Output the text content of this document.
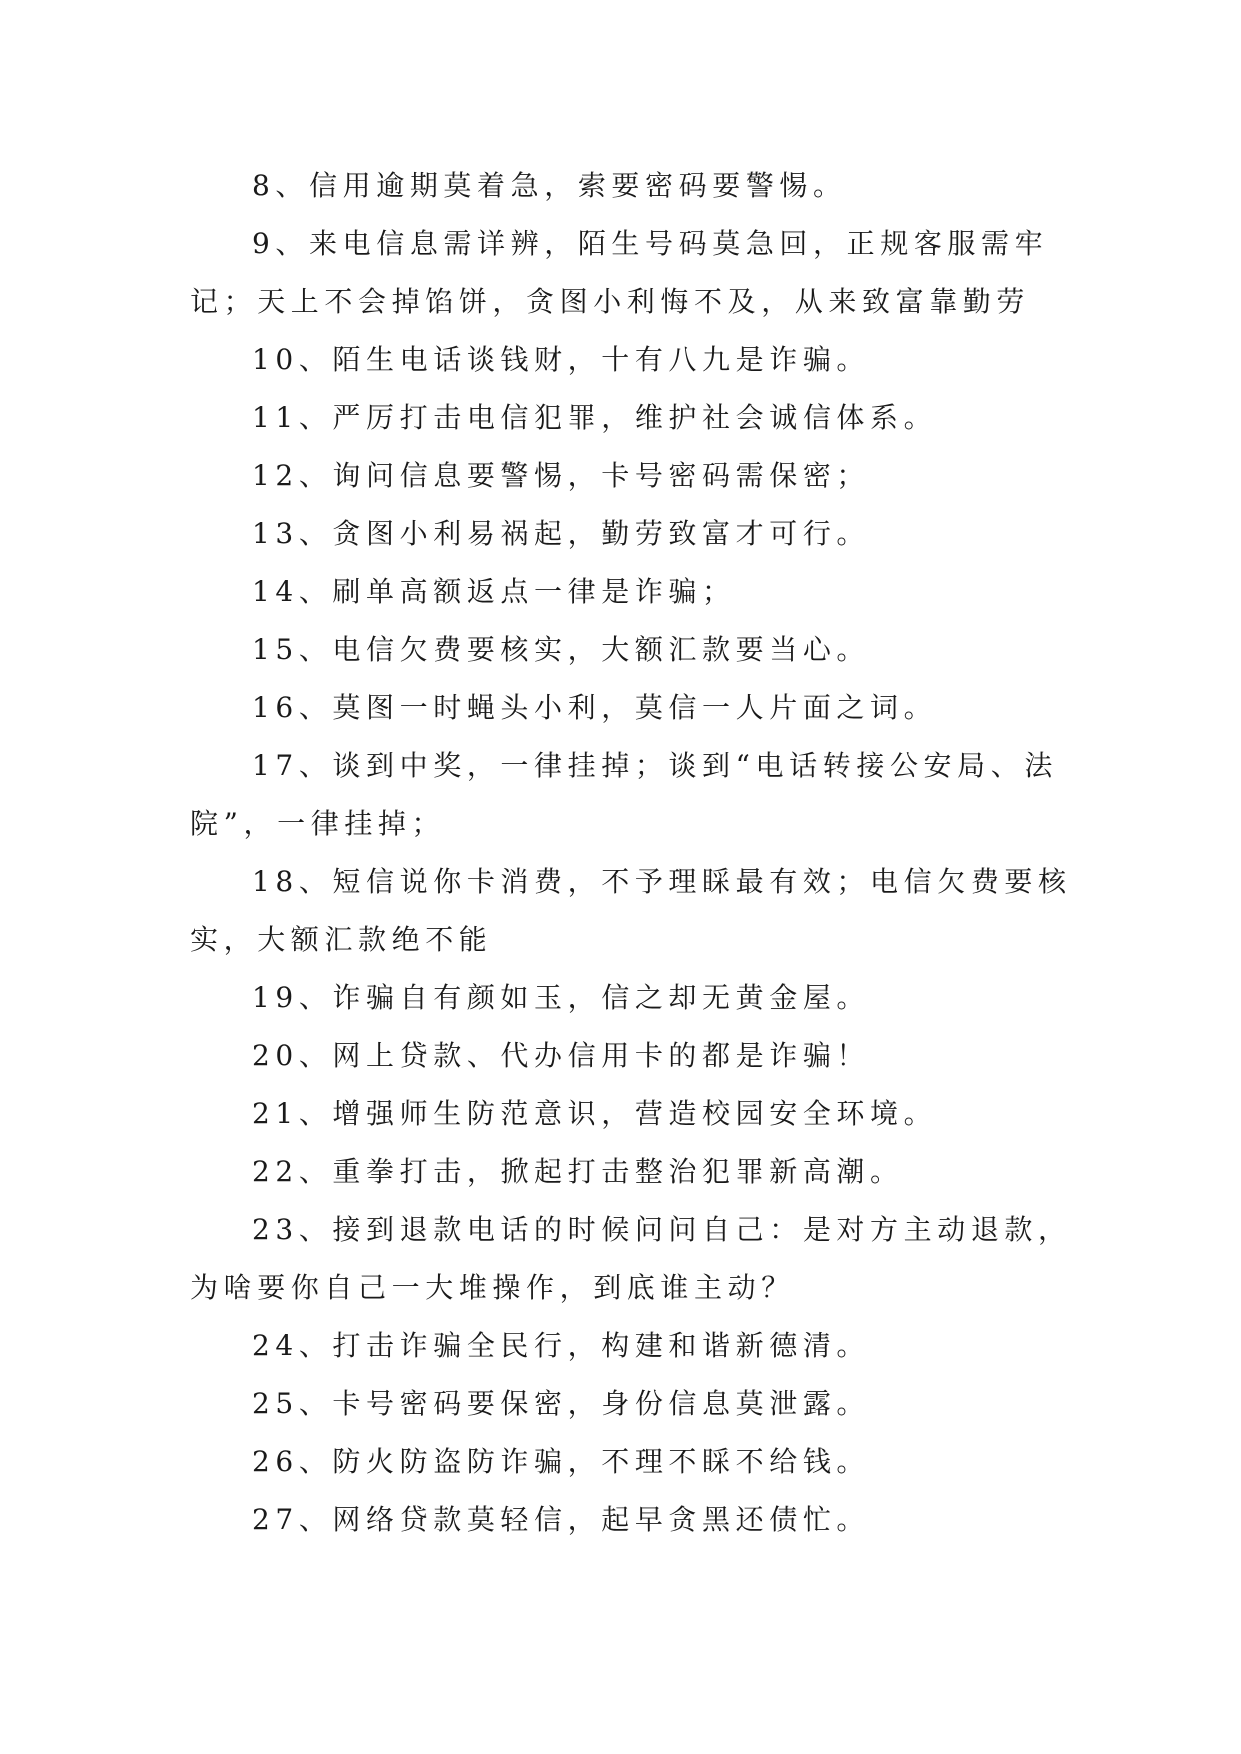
8、信用逾期莫着急，索要密码要警惕。

9、来电信息需详辨，陌生号码莫急回，正规客服需牢
记；天上不会掉馅饼，贪图小利悔不及，从来致富靠勤劳

10、陌生电话谈钱财，十有八九是诈骗。

11、严厉打击电信犯罪，维护社会诚信体系。

12、询问信息要警惕，卡号密码需保密；

13、贪图小利易祸起，勤劳致富才可行。

14、刷单高额返点一律是诈骗；

15、电信欠费要核实，大额汇款要当心。

16、莫图一时蝇头小利，莫信一人片面之词。

17、谈到中奖，一律挂掉；谈到“电话转接公安局、法
院”，一律挂掉；

18、短信说你卡消费，不予理睬最有效；电信欠费要核
实，大额汇款绝不能

19、诈骗自有颜如玉，信之却无黄金屋。

20、网上贷款、代办信用卡的都是诈骗！

21、增强师生防范意识，营造校园安全环境。

22、重拳打击，掀起打击整治犯罪新高潮。

23、接到退款电话的时候问问自己：是对方主动退款，
为啥要你自己一大堆操作，到底谁主动？

24、打击诈骗全民行，构建和谐新德清。

25、卡号密码要保密，身份信息莫泄露。

26、防火防盗防诈骗，不理不睬不给钱。

27、网络贷款莫轻信，起早贪黑还债忙。
